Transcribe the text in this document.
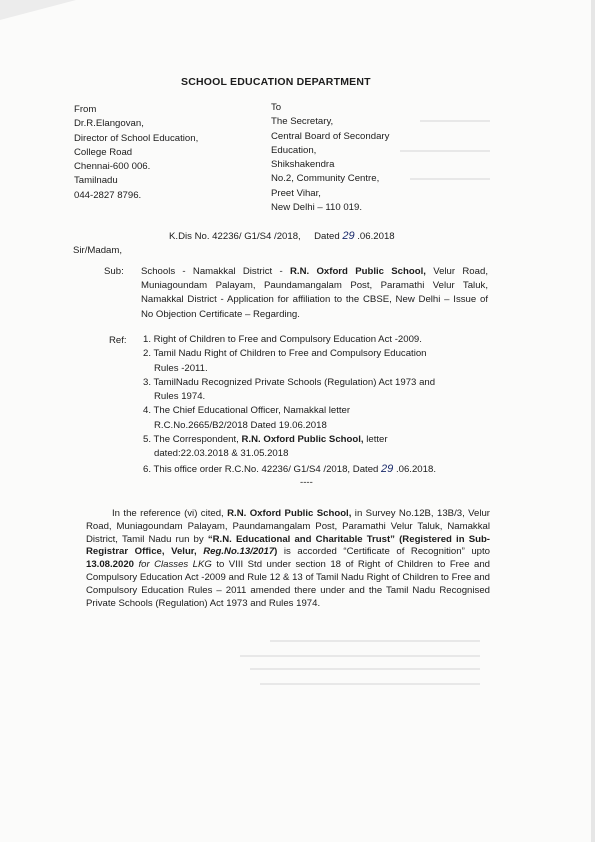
SCHOOL EDUCATION DEPARTMENT
From
Dr.R.Elangovan,
Director of School Education,
College Road
Chennai-600 006.
Tamilnadu
044-2827 8796.
To
The Secretary,
Central Board of Secondary
Education,
Shikshakendra
No.2, Community Centre,
Preet Vihar,
New Delhi – 110 019.
K.Dis No. 42236/ G1/S4 /2018, Dated 29 .06.2018
Sir/Madam,
Sub: Schools - Namakkal District - R.N. Oxford Public School, Velur Road, Muniagoundam Palayam, Paundamangalam Post, Paramathi Velur Taluk, Namakkal District - Application for affiliation to the CBSE, New Delhi – Issue of No Objection Certificate – Regarding.
Ref: 1. Right of Children to Free and Compulsory Education Act -2009.
2. Tamil Nadu Right of Children to Free and Compulsory Education
Rules -2011.
3. TamilNadu Recognized Private Schools (Regulation) Act 1973 and
Rules 1974.
4. The Chief Educational Officer, Namakkal letter
R.C.No.2665/B2/2018 Dated 19.06.2018
5. The Correspondent, R.N. Oxford Public School, letter
dated:22.03.2018 & 31.05.2018
6. This office order R.C.No. 42236/ G1/S4 /2018, Dated 29 .06.2018.
----
In the reference (vi) cited, R.N. Oxford Public School, in Survey No.12B, 13B/3, Velur Road, Muniagoundam Palayam, Paundamangalam Post, Paramathi Velur Taluk, Namakkal District, Tamil Nadu run by “R.N. Educational and Charitable Trust” (Registered in Sub-Registrar Office, Velur, Reg.No.13/2017) is accorded “Certificate of Recognition” upto 13.08.2020 for Classes LKG to VIII Std under section 18 of Right of Children to Free and Compulsory Education Act -2009 and Rule 12 & 13 of Tamil Nadu Right of Children to Free and Compulsory Education Rules – 2011 amended there under and the Tamil Nadu Recognised Private Schools (Regulation) Act 1973 and Rules 1974.
